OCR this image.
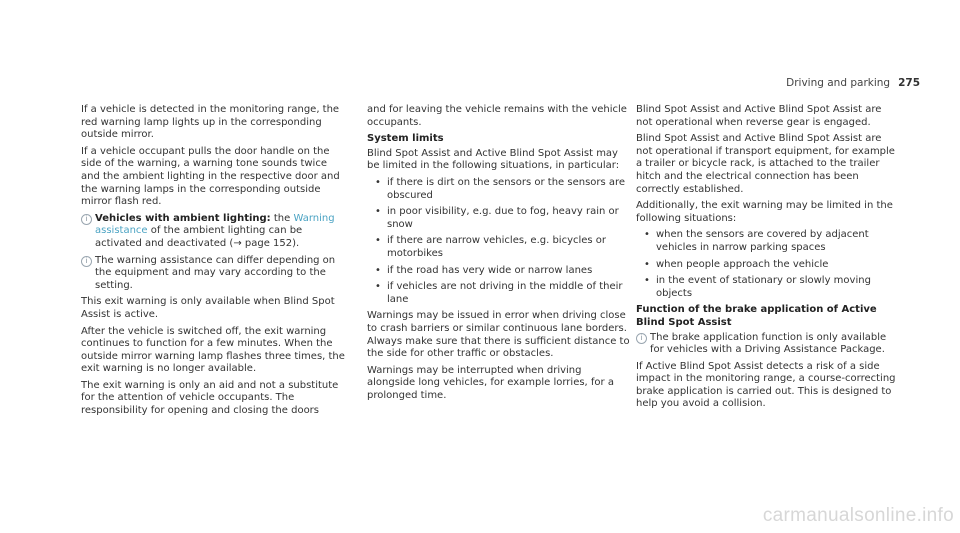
Driving and parking 275

If a vehicle is detected in the monitoring range, the red warning lamp lights up in the corresponding outside mirror.

If a vehicle occupant pulls the door handle on the side of the warning, a warning tone sounds twice and the ambient lighting in the respective door and the warning lamps in the corresponding outside mirror flash red.

i Vehicles with ambient lighting: the Warning assistance of the ambient lighting can be activated and deactivated (→ page 152).
i The warning assistance can differ depending on the equipment and may vary according to the setting.

This exit warning is only available when Blind Spot Assist is active.

After the vehicle is switched off, the exit warning continues to function for a few minutes. When the outside mirror warning lamp flashes three times, the exit warning is no longer available.

The exit warning is only an aid and not a substitute for the attention of vehicle occupants. The responsibility for opening and closing the doors

and for leaving the vehicle remains with the vehicle occupants.

System limits

Blind Spot Assist and Active Blind Spot Assist may be limited in the following situations, in particular:

• if there is dirt on the sensors or the sensors are obscured
• in poor visibility, e.g. due to fog, heavy rain or snow
• if there are narrow vehicles, e.g. bicycles or motorbikes
• if the road has very wide or narrow lanes
• if vehicles are not driving in the middle of their lane

Warnings may be issued in error when driving close to crash barriers or similar continuous lane borders. Always make sure that there is sufficient distance to the side for other traffic or obstacles.

Warnings may be interrupted when driving alongside long vehicles, for example lorries, for a prolonged time.

Blind Spot Assist and Active Blind Spot Assist are not operational when reverse gear is engaged.

Blind Spot Assist and Active Blind Spot Assist are not operational if transport equipment, for example a trailer or bicycle rack, is attached to the trailer hitch and the electrical connection has been correctly established.

Additionally, the exit warning may be limited in the following situations:

• when the sensors are covered by adjacent vehicles in narrow parking spaces
• when people approach the vehicle
• in the event of stationary or slowly moving objects
Function of the brake application of Active Blind Spot Assist
i The brake application function is only available for vehicles with a Driving Assistance Package.

If Active Blind Spot Assist detects a risk of a side impact in the monitoring range, a course-correcting brake application is carried out. This is designed to help you avoid a collision.

carmanualsonline.info
